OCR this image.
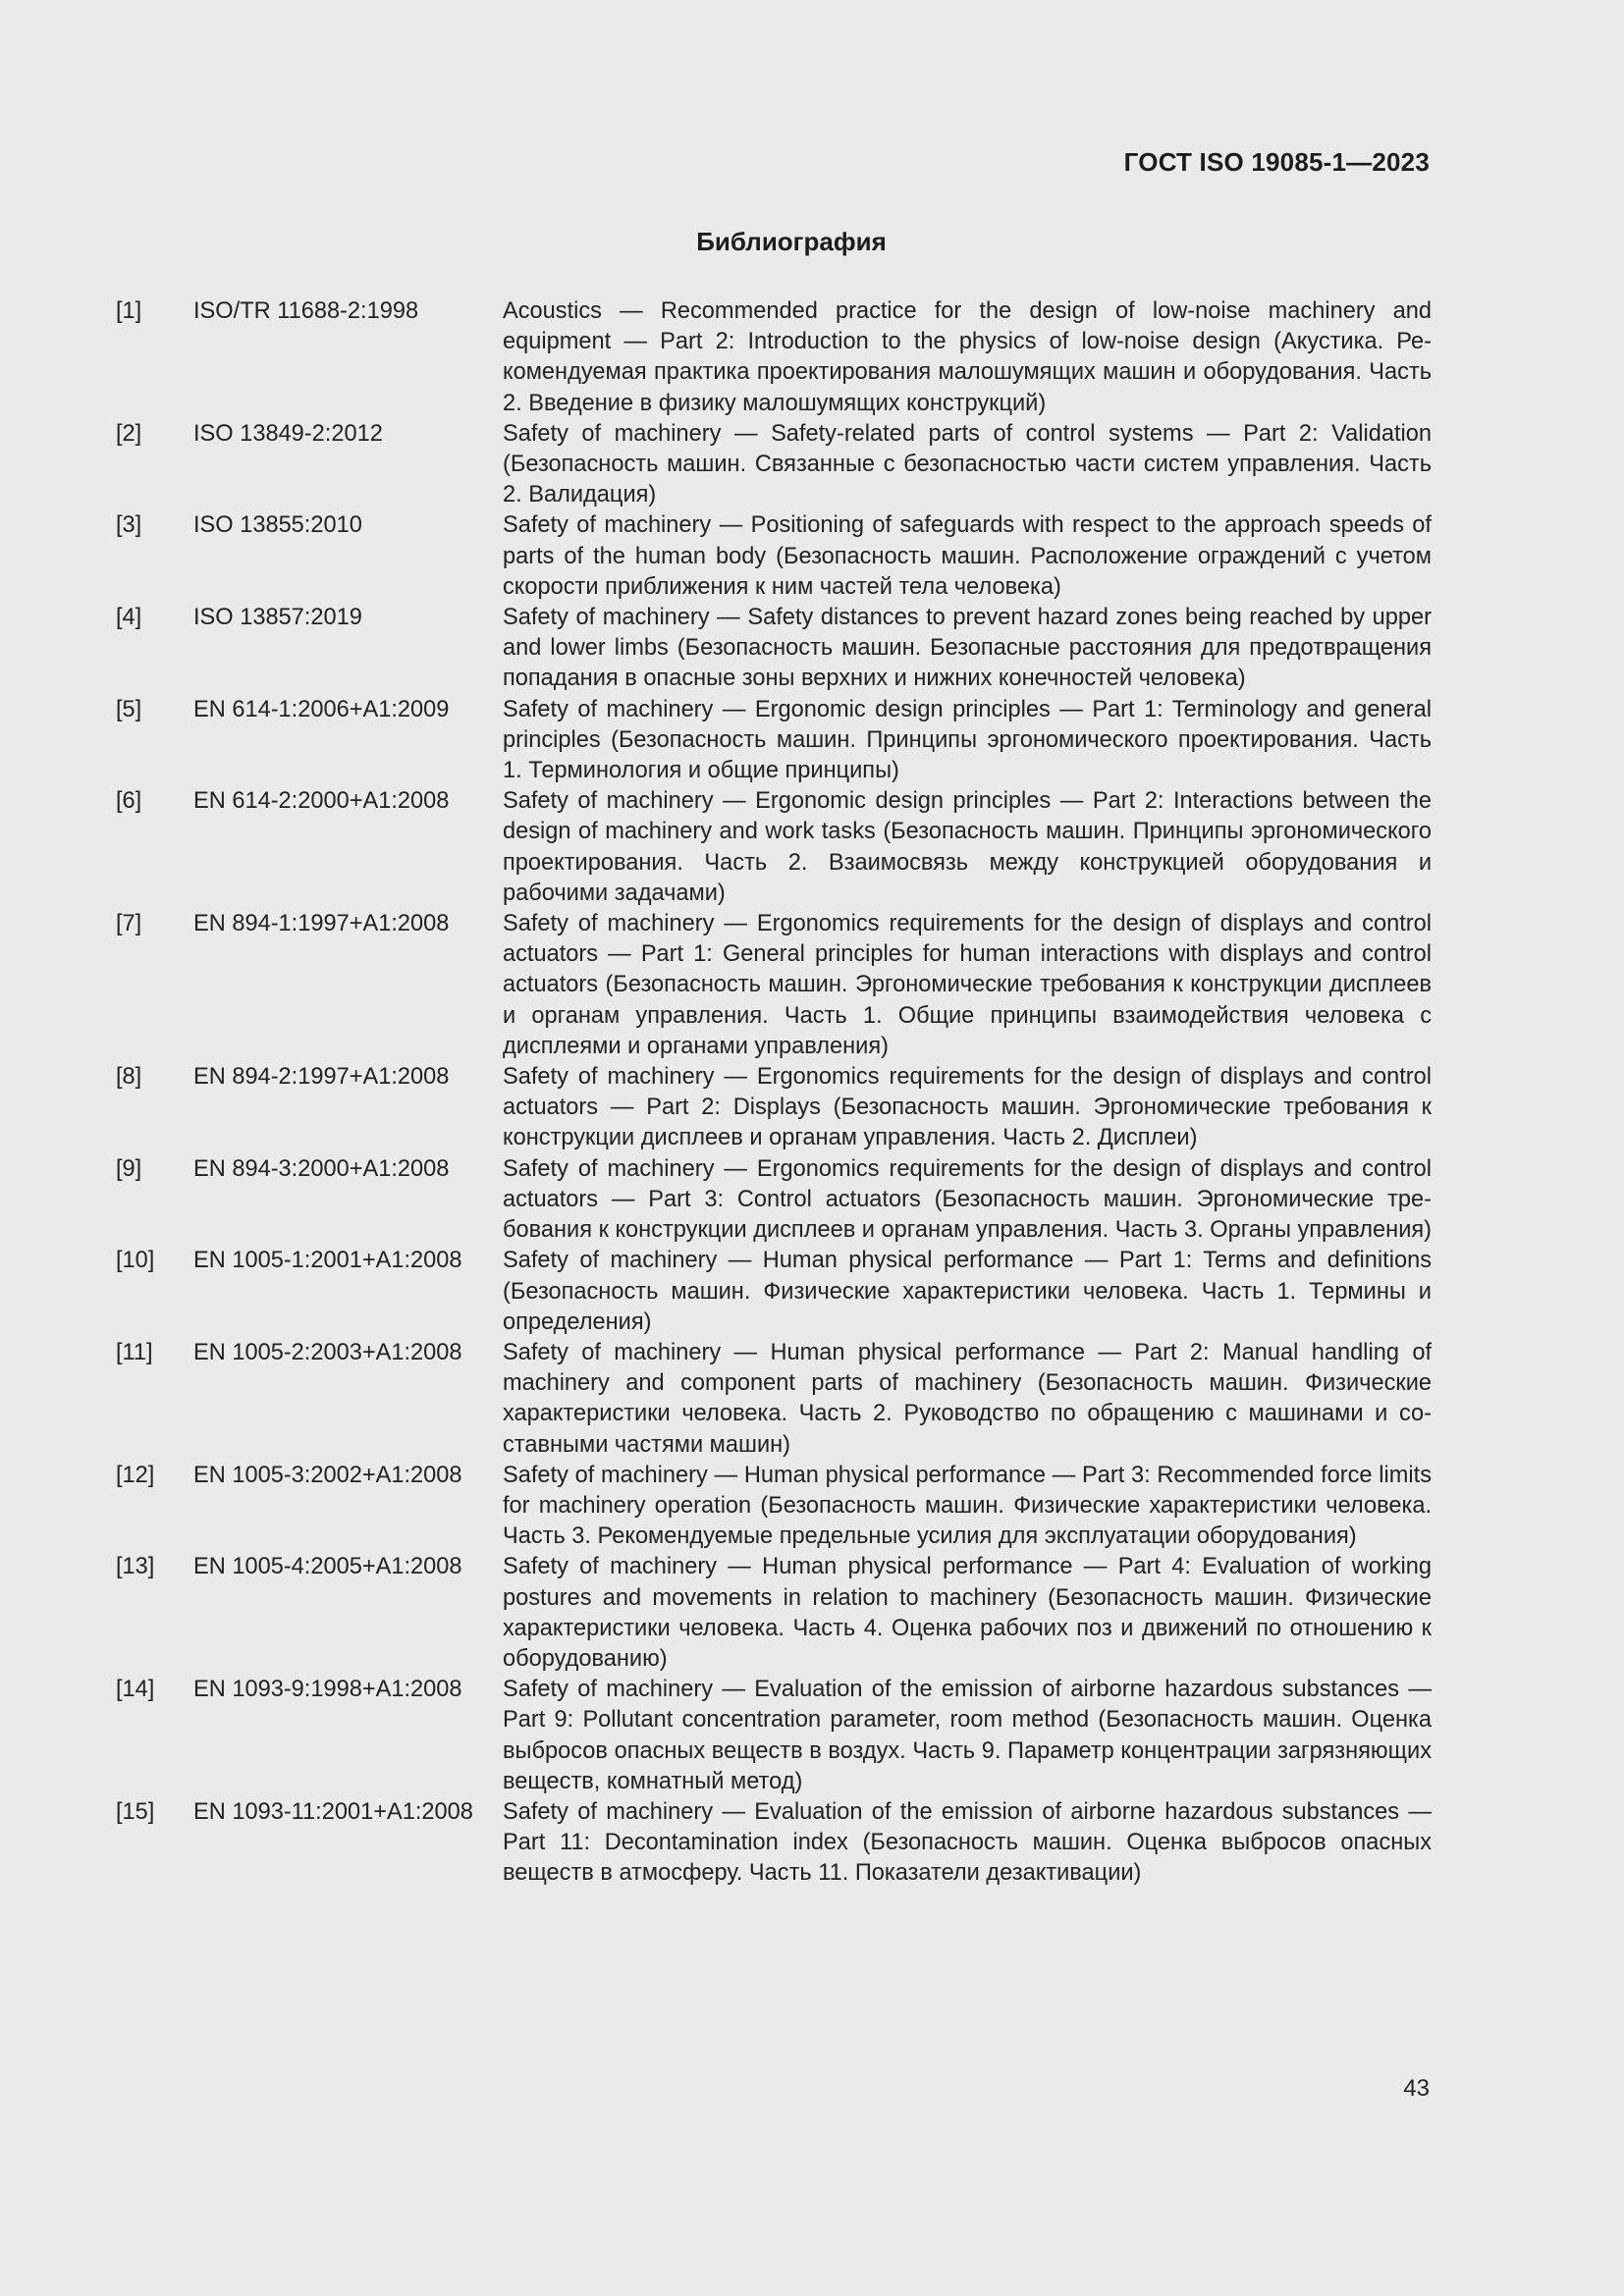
ГОСТ ISO 19085-1—2023
Библиография
[1]	ISO/TR 11688-2:1998	Acoustics — Recommended practice for the design of low-noise machinery and equipment — Part 2: Introduction to the physics of low-noise design (Акустика. Рекомендуемая практика проектирования малошумящих машин и оборудования. Часть 2. Введение в физику малошумящих конструкций)
[2]	ISO 13849-2:2012	Safety of machinery — Safety-related parts of control systems — Part 2: Validation (Безопасность машин. Связанные с безопасностью части систем управления. Часть 2. Валидация)
[3]	ISO 13855:2010	Safety of machinery — Positioning of safeguards with respect to the approach speeds of parts of the human body (Безопасность машин. Расположение ограждений с учетом скорости приближения к ним частей тела человека)
[4]	ISO 13857:2019	Safety of machinery — Safety distances to prevent hazard zones being reached by upper and lower limbs (Безопасность машин. Безопасные расстояния для предотвращения попадания в опасные зоны верхних и нижних конечностей человека)
[5]	EN 614-1:2006+A1:2009	Safety of machinery — Ergonomic design principles — Part 1: Terminology and general principles (Безопасность машин. Принципы эргономического проектирования. Часть 1. Терминология и общие принципы)
[6]	EN 614-2:2000+A1:2008	Safety of machinery — Ergonomic design principles — Part 2: Interactions between the design of machinery and work tasks (Безопасность машин. Принципы эргономического проектирования. Часть 2. Взаимосвязь между конструкцией оборудования и рабочими задачами)
[7]	EN 894-1:1997+A1:2008	Safety of machinery — Ergonomics requirements for the design of displays and control actuators — Part 1: General principles for human interactions with displays and control actuators (Безопасность машин. Эргономические требования к конструкции дисплеев и органам управления. Часть 1. Общие принципы взаимодействия человека с дисплеями и органами управления)
[8]	EN 894-2:1997+A1:2008	Safety of machinery — Ergonomics requirements for the design of displays and control actuators — Part 2: Displays (Безопасность машин. Эргономические требования к конструкции дисплеев и органам управления. Часть 2. Дисплеи)
[9]	EN 894-3:2000+A1:2008	Safety of machinery — Ergonomics requirements for the design of displays and control actuators — Part 3: Control actuators (Безопасность машин. Эргономические требования к конструкции дисплеев и органам управления. Часть 3. Органы управления)
[10]	EN 1005-1:2001+A1:2008	Safety of machinery — Human physical performance — Part 1: Terms and definitions (Безопасность машин. Физические характеристики человека. Часть 1. Термины и определения)
[11]	EN 1005-2:2003+A1:2008	Safety of machinery — Human physical performance — Part 2: Manual handling of machinery and component parts of machinery (Безопасность машин. Физические характеристики человека. Часть 2. Руководство по обращению с машинами и составными частями машин)
[12]	EN 1005-3:2002+A1:2008	Safety of machinery — Human physical performance — Part 3: Recommended force limits for machinery operation (Безопасность машин. Физические характеристики человека. Часть 3. Рекомендуемые предельные усилия для эксплуатации оборудования)
[13]	EN 1005-4:2005+A1:2008	Safety of machinery — Human physical performance — Part 4: Evaluation of working postures and movements in relation to machinery (Безопасность машин. Физические характеристики человека. Часть 4. Оценка рабочих поз и движений по отношению к оборудованию)
[14]	EN 1093-9:1998+A1:2008	Safety of machinery — Evaluation of the emission of airborne hazardous substances — Part 9: Pollutant concentration parameter, room method (Безопасность машин. Оценка выбросов опасных веществ в воздух. Часть 9. Параметр концентрации загрязняющих веществ, комнатный метод)
[15]	EN 1093-11:2001+A1:2008	Safety of machinery — Evaluation of the emission of airborne hazardous substances — Part 11: Decontamination index (Безопасность машин. Оценка выбросов опасных веществ в атмосферу. Часть 11. Показатели дезактивации)
43
